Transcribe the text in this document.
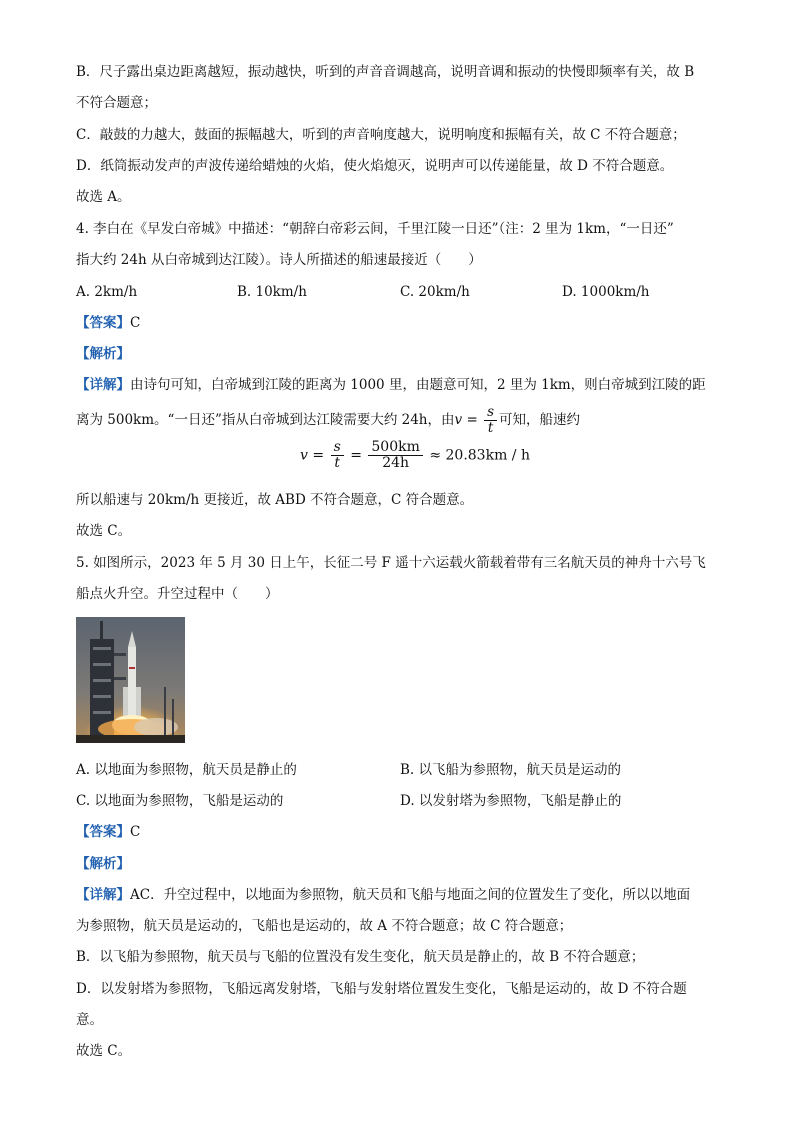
B．尺子露出桌边距离越短，振动越快，听到的声音音调越高，说明音调和振动的快慢即频率有关，故 B
不符合题意；
C．敲鼓的力越大，鼓面的振幅越大，听到的声音响度越大，说明响度和振幅有关，故 C 不符合题意；
D．纸筒振动发声的声波传递给蜡烛的火焰，使火焰熄灭，说明声可以传递能量，故 D 不符合题意。
故选 A。
4. 李白在《早发白帝城》中描述：“朝辞白帝彩云间，千里江陵一日还”（注：2 里为 1km，“一日还”
指大约 24h 从白帝城到达江陵）。诗人所描述的船速最接近（　　）
A. 2km/h	B. 10km/h	C. 20km/h	D. 1000km/h
【答案】C
【解析】
【详解】由诗句可知，白帝城到江陵的距离为 1000 里，由题意可知，2 里为 1km，则白帝城到江陵的距
离为 500km。“一日还”指从白帝城到达江陵需要大约 24h，由$v = \frac{s}{t}$ 可知，船速约
$v = \frac{s}{t} = \frac{500km}{24h} \approx 20.83km / h$
所以船速与 20km/h 更接近，故 ABD 不符合题意，C 符合题意。
故选 C。
5. 如图所示，2023 年 5 月 30 日上午，长征二号 F 遥十六运载火箭载着带有三名航天员的神舟十六号飞
船点火升空。升空过程中（　　）
A. 以地面为参照物，航天员是静止的	B. 以飞船为参照物，航天员是运动的
C. 以地面为参照物，飞船是运动的	D. 以发射塔为参照物，飞船是静止的
【答案】C
【解析】
【详解】AC．升空过程中，以地面为参照物，航天员和飞船与地面之间的位置发生了变化，所以以地面
为参照物，航天员是运动的，飞船也是运动的，故 A 不符合题意；故 C 符合题意；
B．以飞船为参照物，航天员与飞船的位置没有发生变化，航天员是静止的，故 B 不符合题意；
D．以发射塔为参照物，飞船远离发射塔，飞船与发射塔位置发生变化，飞船是运动的，故 D 不符合题
意。
故选 C。
